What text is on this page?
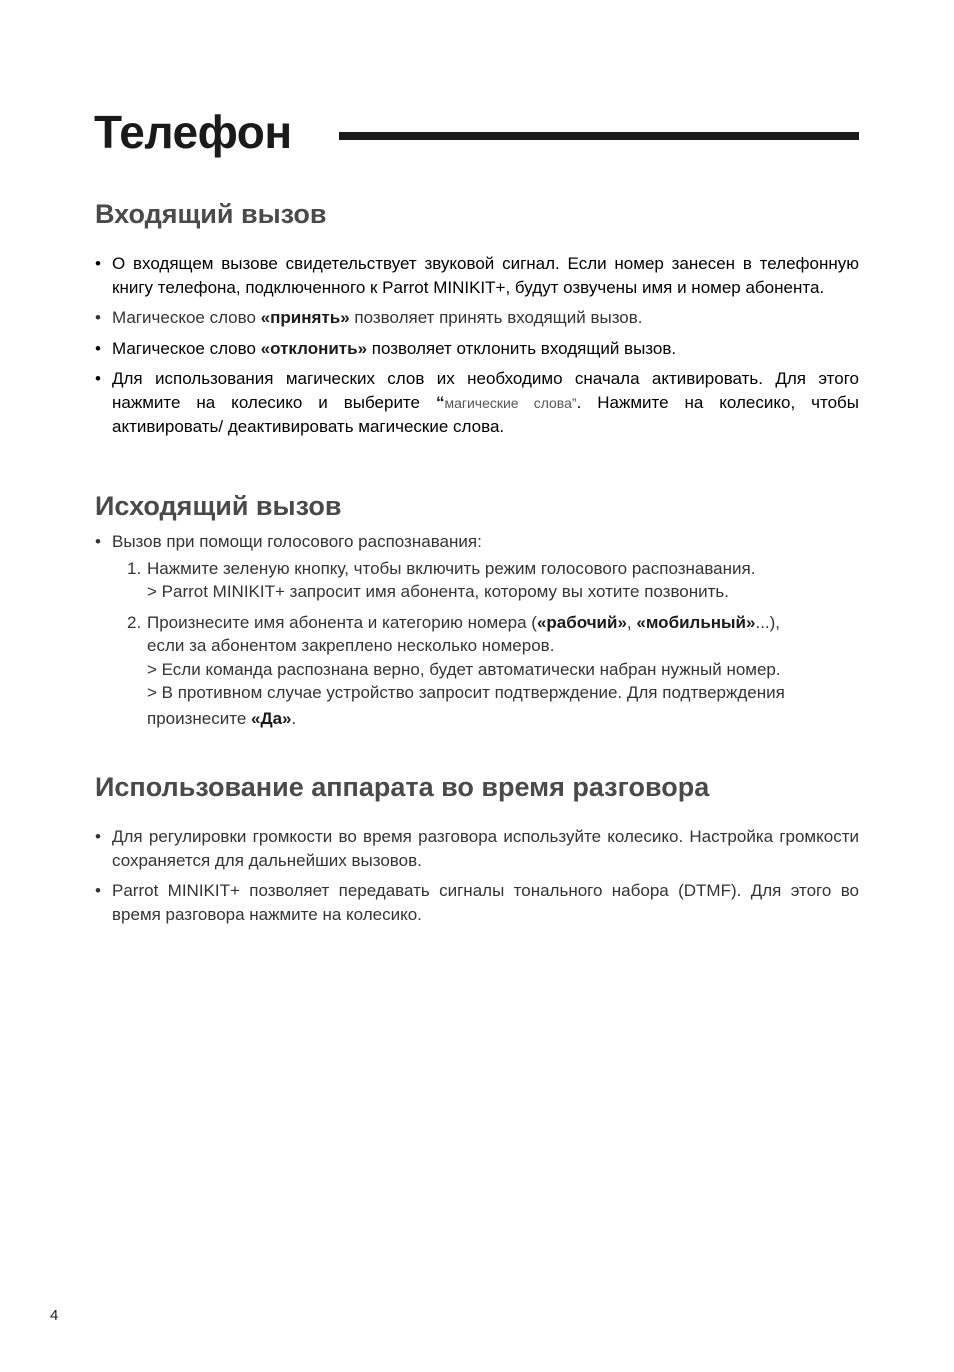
Телефон
Входящий вызов
• О входящем вызове свидетельствует звуковой сигнал. Если номер занесен в телефонную книгу телефона, подключенного к Parrot MINIKIT+, будут озвучены имя и номер абонента.
• Магическое слово «принять» позволяет принять входящий вызов.
• Магическое слово «отклонить» позволяет отклонить входящий вызов.
• Для использования магических слов их необходимо сначала активировать. Для этого нажмите на колесико и выберите “магические слова”. Нажмите на колесико, чтобы активировать/ деактивировать магические слова.
Исходящий вызов
• Вызов при помощи голосового распознавания:
1. Нажмите зеленую кнопку, чтобы включить режим голосового распознавания.
> Parrot MINIKIT+ запросит имя абонента, которому вы хотите позвонить.
2. Произнесите имя абонента и категорию номера («рабочий», «мобильный»...),
если за абонентом закреплено несколько номеров.
> Если команда распознана верно, будет автоматически набран нужный номер.
> В противном случае устройство запросит подтверждение. Для подтверждения
произнесите «Да».
Использование аппарата во время разговора
• Для регулировки громкости во время разговора используйте колесико. Настройка громкости сохраняется для дальнейших вызовов.
• Parrot MINIKIT+ позволяет передавать сигналы тонального набора (DTMF). Для этого во время разговора нажмите на колесико.
4
